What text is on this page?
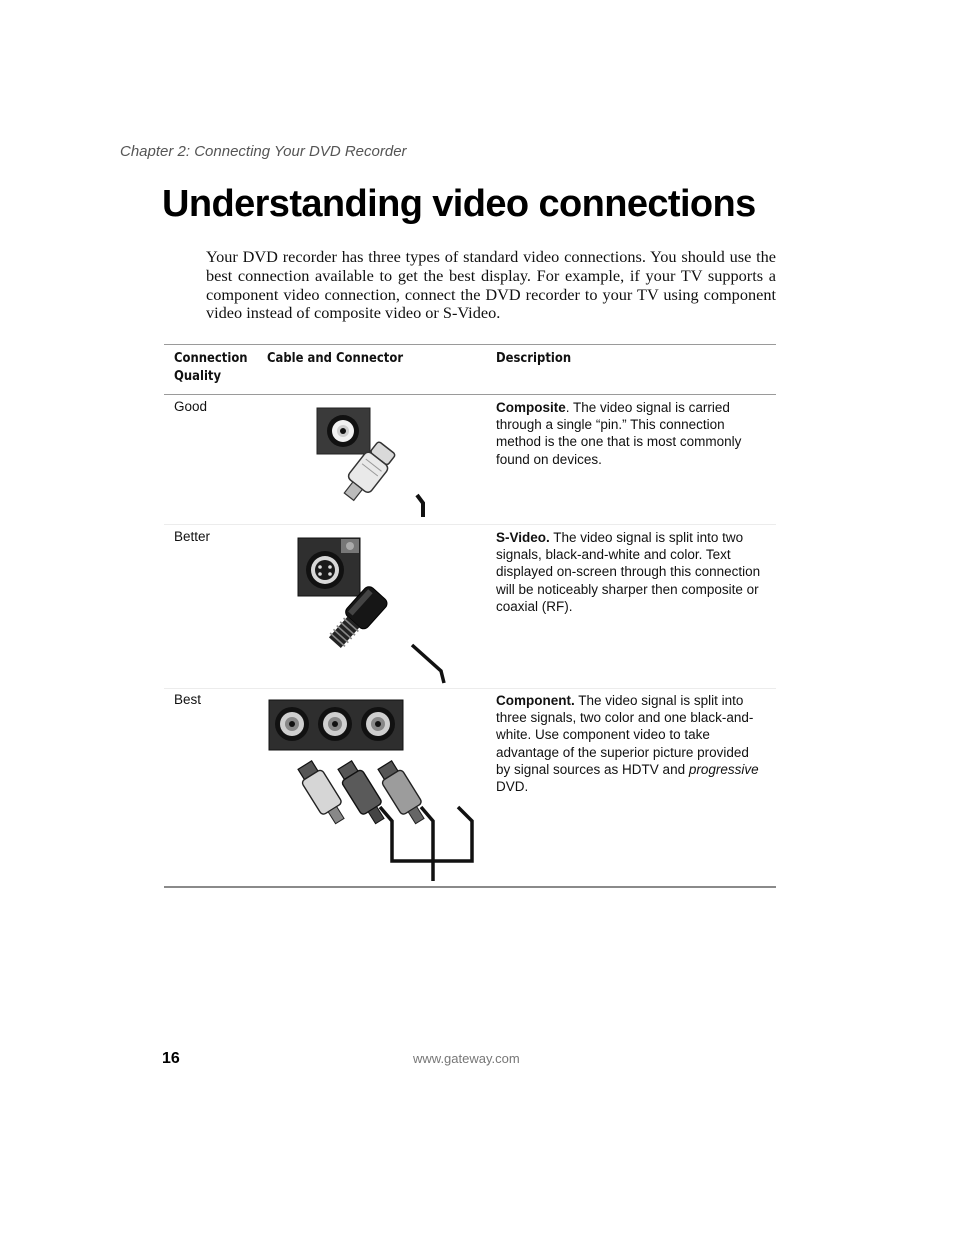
Chapter 2: Connecting Your DVD Recorder
Understanding video connections

Your DVD recorder has three types of standard video connections. You should use the best connection available to get the best display. For example, if your TV supports a component video connection, connect the DVD recorder to your TV using component video instead of composite video or S-Video.

Connection
Quality
Cable and Connector	Description
Good	Composite. The video signal is carried through a single “pin.” This connection method is the one that is most commonly found on devices.

Better	S-Video. The video signal is split into two signals, black-and-white and color. Text displayed on-screen through this connection will be noticeably sharper then composite or coaxial (RF).

Best	Component. The video signal is split into three signals, two color and one black-and-white. Use component video to take advantage of the superior picture provided by signal sources as HDTV and progressive DVD.

16	www.gateway.com
